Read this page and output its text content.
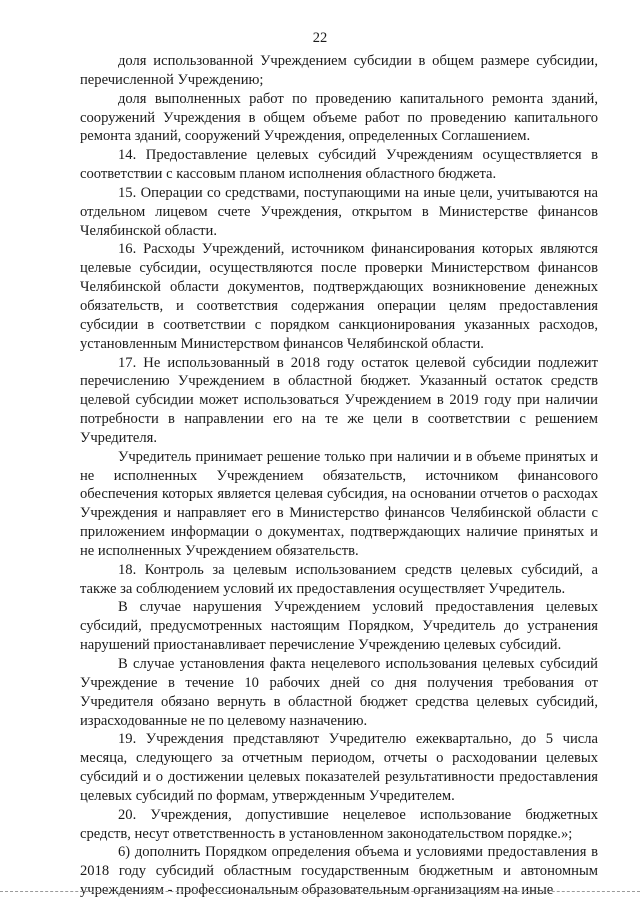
22

доля использованной Учреждением субсидии в общем размере субсидии, перечисленной Учреждению;

доля выполненных работ по проведению капитального ремонта зданий, сооружений Учреждения в общем объеме работ по проведению капитального ремонта зданий, сооружений Учреждения, определенных Соглашением.

14. Предоставление целевых субсидий Учреждениям осуществляется в соответствии с кассовым планом исполнения областного бюджета.

15. Операции со средствами, поступающими на иные цели, учитываются на отдельном лицевом счете Учреждения, открытом в Министерстве финансов Челябинской области.

16. Расходы Учреждений, источником финансирования которых являются целевые субсидии, осуществляются после проверки Министерством финансов Челябинской области документов, подтверждающих возникновение денежных обязательств, и соответствия содержания операции целям предоставления субсидии в соответствии с порядком санкционирования указанных расходов, установленным Министерством финансов Челябинской области.

17. Не использованный в 2018 году остаток целевой субсидии подлежит перечислению Учреждением в областной бюджет. Указанный остаток средств целевой субсидии может использоваться Учреждением в 2019 году при наличии потребности в направлении его на те же цели в соответствии с решением Учредителя.

Учредитель принимает решение только при наличии и в объеме принятых и не исполненных Учреждением обязательств, источником финансового обеспечения которых является целевая субсидия, на основании отчетов о расходах Учреждения и направляет его в Министерство финансов Челябинской области с приложением информации о документах, подтверждающих наличие принятых и не исполненных Учреждением обязательств.

18. Контроль за целевым использованием средств целевых субсидий, а также за соблюдением условий их предоставления осуществляет Учредитель.

В случае нарушения Учреждением условий предоставления целевых субсидий, предусмотренных настоящим Порядком, Учредитель до устранения нарушений приостанавливает перечисление Учреждению целевых субсидий.

В случае установления факта нецелевого использования целевых субсидий Учреждение в течение 10 рабочих дней со дня получения требования от Учредителя обязано вернуть в областной бюджет средства целевых субсидий, израсходованные не по целевому назначению.

19. Учреждения представляют Учредителю ежеквартально, до 5 числа месяца, следующего за отчетным периодом, отчеты о расходовании целевых субсидий и о достижении целевых показателей результативности предоставления целевых субсидий по формам, утвержденным Учредителем.

20. Учреждения, допустившие нецелевое использование бюджетных средств, несут ответственность в установленном законодательством порядке.»;

6) дополнить Порядком определения объема и условиями предоставления в 2018 году субсидий областным государственным бюджетным и автономным учреждениям - профессиональным образовательным организациям на иные
